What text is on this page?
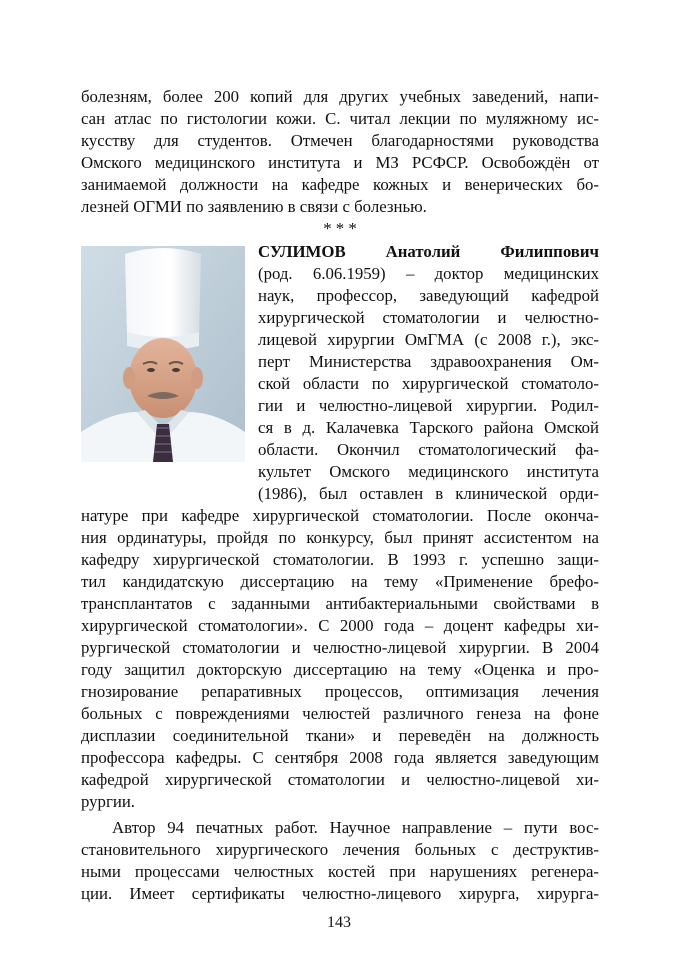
болезням, более 200 копий для других учебных заведений, напи-
сан атлас по гистологии кожи. С. читал лекции по муляжному ис-
кусству для студентов. Отмечен благодарностями руководства
Омского медицинского института и МЗ РСФСР. Освобождён от
занимаемой должности на кафедре кожных и венерических бо-
лезней ОГМИ по заявлению в связи с болезнью.
* * *
СУЛИМОВ Анатолий Филиппович
(род. 6.06.1959) – доктор медицинских
наук, профессор, заведующий кафедрой
хирургической стоматологии и челюстно-
лицевой хирургии ОмГМА (с 2008 г.), экс-
перт Министерства здравоохранения Ом-
ской области по хирургической стоматоло-
гии и челюстно-лицевой хирургии. Родил-
ся в д. Калачевка Тарского района Омской
области. Окончил стоматологический фа-
культет Омского медицинского института
(1986), был оставлен в клинической орди-
натуре при кафедре хирургической стоматологии. После оконча-
ния ординатуры, пройдя по конкурсу, был принят ассистентом на
кафедру хирургической стоматологии. В 1993 г. успешно защи-
тил кандидатскую диссертацию на тему «Применение брефо-
трансплантатов с заданными антибактериальными свойствами в
хирургической стоматологии». С 2000 года – доцент кафедры хи-
рургической стоматологии и челюстно-лицевой хирургии. В 2004
году защитил докторскую диссертацию на тему «Оценка и про-
гнозирование репаративных процессов, оптимизация лечения
больных с повреждениями челюстей различного генеза на фоне
дисплазии соединительной ткани» и переведён на должность
профессора кафедры. С сентября 2008 года является заведующим
кафедрой хирургической стоматологии и челюстно-лицевой хи-
рургии.
Автор 94 печатных работ. Научное направление – пути вос-
становительного хирургического лечения больных с деструктив-
ными процессами челюстных костей при нарушениях регенера-
ции. Имеет сертификаты челюстно-лицевого хирурга, хирурга-
143
